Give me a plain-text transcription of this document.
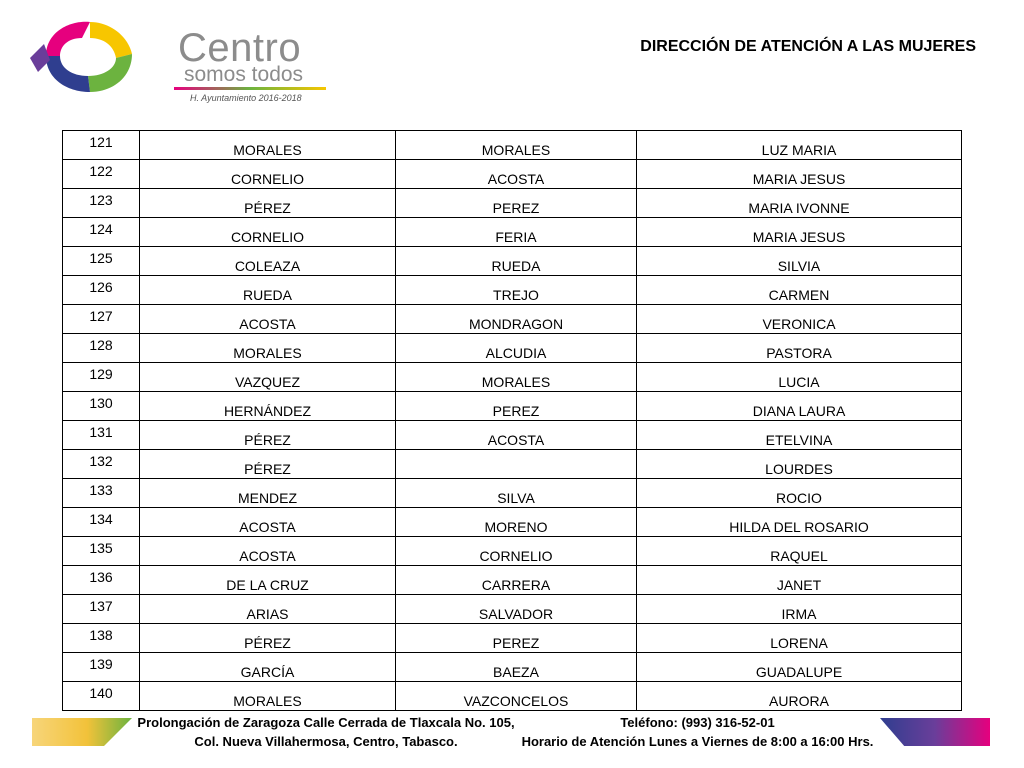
Centro
somos todos
H. Ayuntamiento 2016-2018
DIRECCIÓN DE ATENCIÓN A LAS MUJERES
121	MORALES	MORALES	LUZ MARIA
122	CORNELIO	ACOSTA	MARIA JESUS
123	PÉREZ	PEREZ	MARIA IVONNE
124	CORNELIO	FERIA	MARIA JESUS
125	COLEAZA	RUEDA	SILVIA
126	RUEDA	TREJO	CARMEN
127	ACOSTA	MONDRAGON	VERONICA
128	MORALES	ALCUDIA	PASTORA
129	VAZQUEZ	MORALES	LUCIA
130	HERNÁNDEZ	PEREZ	DIANA LAURA
131	PÉREZ	ACOSTA	ETELVINA
132	PÉREZ		LOURDES
133	MENDEZ	SILVA	ROCIO
134	ACOSTA	MORENO	HILDA DEL ROSARIO
135	ACOSTA	CORNELIO	RAQUEL
136	DE LA CRUZ	CARRERA	JANET
137	ARIAS	SALVADOR	IRMA
138	PÉREZ	PEREZ	LORENA
139	GARCÍA	BAEZA	GUADALUPE
140	MORALES	VAZCONCELOS	AURORA
Prolongación de Zaragoza Calle Cerrada de Tlaxcala No. 105,
Col. Nueva Villahermosa, Centro, Tabasco.
Teléfono: (993) 316-52-01
Horario de Atención Lunes a Viernes de 8:00 a 16:00 Hrs.
